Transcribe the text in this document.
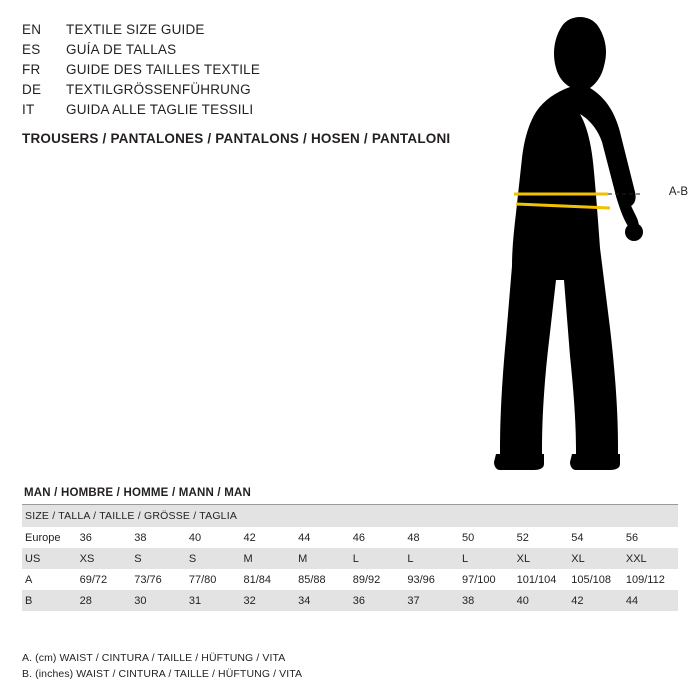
EN	TEXTILE SIZE GUIDE
ES	GUÍA DE TALLAS
FR	GUIDE DES TAILLES TEXTILE
DE	TEXTILGRÖSSENFÜHRUNG
IT	GUIDA ALLE TAGLIE TESSILI
TROUSERS / PANTALONES / PANTALONS / HOSEN / PANTALONI
A-B
MAN / HOMBRE / HOMME / MANN / MAN
SIZE / TALLA / TAILLE / GRÖSSE / TAGLIA											
Europe	36	38	40	42	44	46	48	50	52	54	56
US	XS	S	S	M	M	L	L	L	XL	XL	XXL
A	69/72	73/76	77/80	81/84	85/88	89/92	93/96	97/100	101/104	105/108	109/112
B	28	30	31	32	34	36	37	38	40	42	44
A. (cm) WAIST / CINTURA / TAILLE / HÜFTUNG / VITA
B. (inches) WAIST / CINTURA / TAILLE / HÜFTUNG / VITA
